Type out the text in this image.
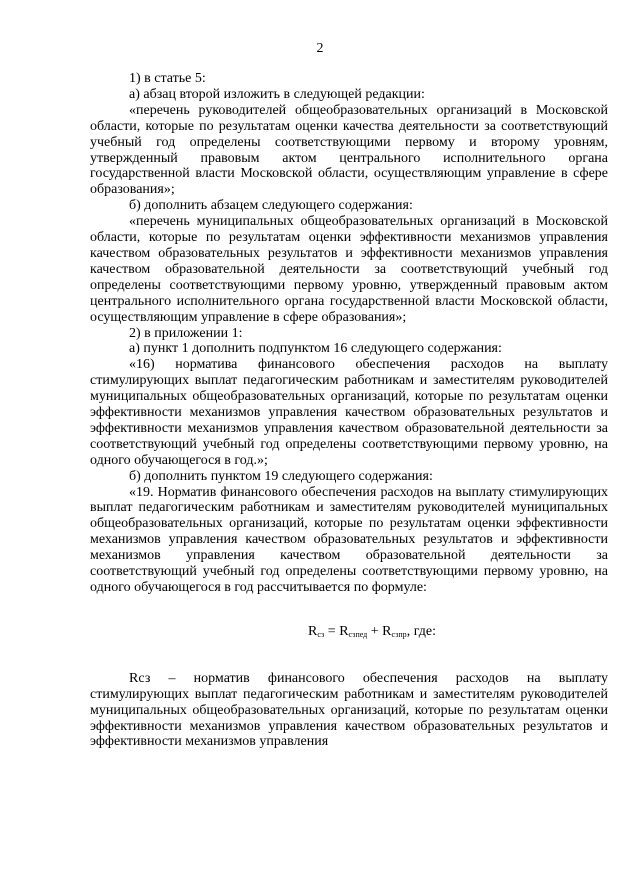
2

1) в статье 5:

а) абзац второй изложить в следующей редакции:

«перечень руководителей общеобразовательных организаций в Московской области, которые по результатам оценки качества деятельности за соответствующий учебный год определены соответствующими первому и второму уровням, утвержденный правовым актом центрального исполнительного органа государственной власти Московской области, осуществляющим управление в сфере образования»;

б) дополнить абзацем следующего содержания:

«перечень муниципальных общеобразовательных организаций в Московской области, которые по результатам оценки эффективности механизмов управления качеством образовательных результатов и эффективности механизмов управления качеством образовательной деятельности за соответствующий учебный год определены соответствующими первому уровню, утвержденный правовым актом центрального исполнительного органа государственной власти Московской области, осуществляющим управление в сфере образования»;

2) в приложении 1:

а) пункт 1 дополнить подпунктом 16 следующего содержания:

«16) норматива финансового обеспечения расходов на выплату стимулирующих выплат педагогическим работникам и заместителям руководителей муниципальных общеобразовательных организаций, которые по результатам оценки эффективности механизмов управления качеством образовательных результатов и эффективности механизмов управления качеством образовательной деятельности за соответствующий учебный год определены соответствующими первому уровню, на одного обучающегося в год.»;

б) дополнить пунктом 19 следующего содержания:

«19. Норматив финансового обеспечения расходов на выплату стимулирующих выплат педагогическим работникам и заместителям руководителей муниципальных общеобразовательных организаций, которые по результатам оценки эффективности механизмов управления качеством образовательных результатов и эффективности механизмов управления качеством образовательной деятельности за соответствующий учебный год определены соответствующими первому уровню, на одного обучающегося в год рассчитывается по формуле:

$R_{сз} = R_{сзпед} + R_{сзпр}$, где:

Rсз – норматив финансового обеспечения расходов на выплату стимулирующих выплат педагогическим работникам и заместителям руководителей муниципальных общеобразовательных организаций, которые по результатам оценки эффективности механизмов управления качеством образовательных результатов и эффективности механизмов управления
